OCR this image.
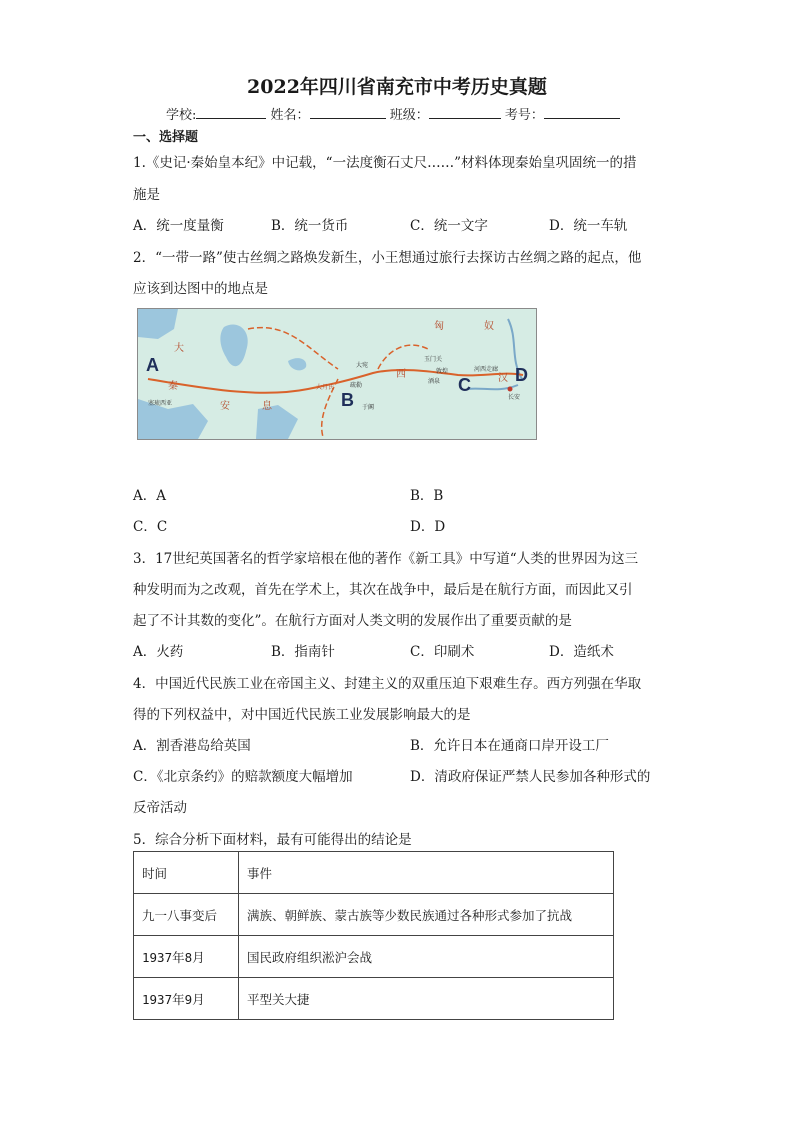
2022年四川省南充市中考历史真题
学校:	姓名：	班级：	考号：
一、选择题
1.《史记·秦始皇本纪》中记载，“一法度衡石丈尺……”材料体现秦始皇巩固统一的措
施是
A．统一度量衡	B．统一货币	C．统一文字	D．统一车轨
2．“一带一路”使古丝绸之路焕发新生，小王想通过旅行去探访古丝绸之路的起点，他
应该到达图中的地点是
匈	奴
大
秦
安	息
西	汉
塞琉西亚
大月氏
大宛
疏勒
于阗
玉门关
敦煌
酒泉
长安
河西走廊
A
B
C D
A．A	B．B
C．C	D．D
3．17世纪英国著名的哲学家培根在他的著作《新工具》中写道“人类的世界因为这三
种发明而为之改观，首先在学术上，其次在战争中，最后是在航行方面，而因此又引
起了不计其数的变化”。在航行方面对人类文明的发展作出了重要贡献的是
A．火药	B．指南针	C．印刷术	D．造纸术
4．中国近代民族工业在帝国主义、封建主义的双重压迫下艰难生存。西方列强在华取
得的下列权益中，对中国近代民族工业发展影响最大的是
A．割香港岛给英国	B．允许日本在通商口岸开设工厂
C．《北京条约》的赔款额度大幅增加	D．清政府保证严禁人民参加各种形式的
反帝活动
5．综合分析下面材料，最有可能得出的结论是
时间	事件
九一八事变后	满族、朝鲜族、蒙古族等少数民族通过各种形式参加了抗战
1937年8月	国民政府组织淞沪会战
1937年9月	平型关大捷
